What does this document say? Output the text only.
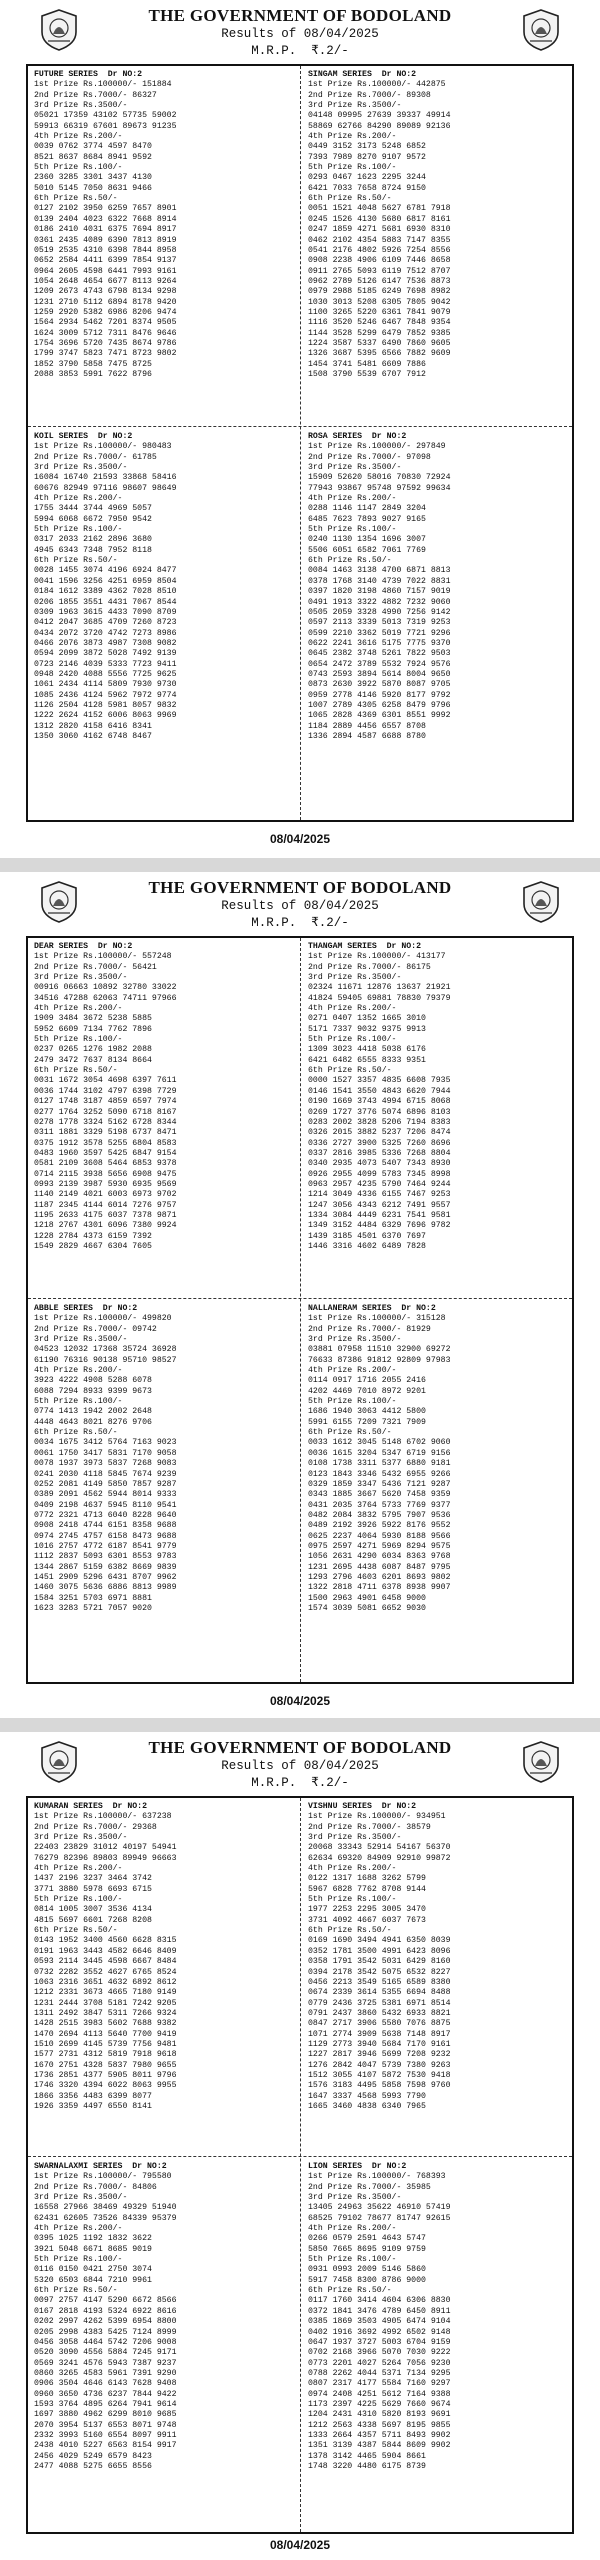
THE GOVERNMENT OF BODOLAND
Results of 08/04/2025
M.R.P.  ₹.2/-
FUTURE SERIES  Dr NO:2
1st Prize Rs.100000/- 151884
2nd Prize Rs.7000/- 86327
3rd Prize Rs.3500/-
05021 17359 43102 57735 59002
59913 66319 67601 89673 91235
4th Prize Rs.200/-
0039 0762 3774 4597 8470
8521 8637 8684 8941 9592
5th Prize Rs.100/-
2360 3285 3301 3437 4130
5010 5145 7050 8631 9466
6th Prize Rs.50/-
0127 2102 3950 6259 7657 8901
0139 2404 4023 6322 7668 8914
0186 2410 4031 6375 7694 8917
0361 2435 4089 6390 7813 8919
0519 2535 4310 6398 7844 8958
0652 2584 4411 6399 7854 9137
0964 2605 4598 6441 7993 9161
1054 2648 4654 6677 8113 9264
1209 2673 4743 6798 8134 9298
1231 2710 5112 6894 8178 9420
1259 2920 5382 6986 8206 9474
1564 2934 5462 7201 8374 9505
1624 3009 5712 7311 8476 9646
1754 3696 5720 7435 8674 9786
1799 3747 5823 7471 8723 9802
1852 3790 5858 7475 8725
2088 3853 5991 7622 8796
SINGAM SERIES  Dr NO:2
1st Prize Rs.100000/- 442875
2nd Prize Rs.7000/- 89308
3rd Prize Rs.3500/-
04148 09995 27639 39337 49914
58869 62766 84290 89089 92136
4th Prize Rs.200/-
0449 3152 3173 5248 6852
7393 7989 8270 9107 9572
5th Prize Rs.100/-
0293 0467 1623 2295 3244
6421 7033 7658 8724 9150
6th Prize Rs.50/-
0051 1521 4048 5627 6781 7918
0245 1526 4130 5680 6817 8161
0247 1859 4271 5681 6930 8310
0462 2102 4354 5883 7147 8355
0541 2176 4802 5926 7254 8556
0908 2238 4906 6109 7446 8658
0911 2765 5093 6119 7512 8707
0962 2789 5126 6147 7536 8873
0979 2988 5185 6249 7698 8982
1030 3013 5208 6305 7805 9042
1100 3265 5220 6361 7841 9079
1116 3520 5246 6467 7848 9354
1144 3528 5299 6479 7852 9385
1224 3587 5337 6490 7860 9605
1326 3687 5395 6566 7882 9609
1454 3741 5481 6609 7886
1508 3790 5539 6707 7912
KOIL SERIES  Dr NO:2
1st Prize Rs.100000/- 980483
2nd Prize Rs.7000/- 61785
3rd Prize Rs.3500/-
16084 16740 21593 33868 58416
60676 82949 97116 98607 98649
4th Prize Rs.200/-
1755 3444 3744 4969 5057
5994 6068 6672 7950 9542
5th Prize Rs.100/-
0317 2033 2162 2896 3680
4945 6343 7348 7952 8118
6th Prize Rs.50/-
0028 1455 3074 4196 6924 8477
0041 1596 3256 4251 6959 8504
0184 1612 3389 4362 7028 8510
0206 1855 3551 4431 7067 8544
0309 1963 3615 4433 7090 8709
0412 2047 3685 4709 7260 8723
0434 2072 3720 4742 7273 8986
0466 2076 3873 4987 7308 9082
0594 2099 3872 5028 7492 9139
0723 2146 4039 5333 7723 9411
0948 2420 4088 5556 7725 9625
1061 2434 4114 5809 7930 9730
1085 2436 4124 5962 7972 9774
1126 2504 4128 5981 8057 9832
1222 2624 4152 6006 8063 9969
1312 2820 4158 6416 8341
1350 3060 4162 6748 8467
ROSA SERIES  Dr NO:2
1st Prize Rs.100000/- 297849
2nd Prize Rs.7000/- 97098
3rd Prize Rs.3500/-
15909 52620 58016 70830 72924
77943 93867 95748 97592 99634
4th Prize Rs.200/-
0288 1146 1147 2849 3204
6485 7623 7893 9027 9165
5th Prize Rs.100/-
0240 1130 1354 1696 3007
5506 6051 6582 7061 7769
6th Prize Rs.50/-
0084 1463 3138 4700 6871 8813
0378 1768 3140 4739 7022 8831
0397 1820 3198 4860 7157 9019
0491 1913 3322 4882 7232 9060
0505 2059 3328 4990 7256 9142
0597 2113 3339 5013 7319 9253
0599 2210 3362 5019 7721 9296
0622 2241 3616 5175 7775 9370
0645 2382 3748 5261 7822 9503
0654 2472 3789 5532 7924 9576
0743 2593 3894 5614 8004 9650
0873 2630 3922 5870 8087 9705
0959 2778 4146 5920 8177 9792
1007 2789 4305 6258 8479 9796
1065 2828 4369 6301 8551 9992
1184 2889 4456 6557 8708
1336 2894 4587 6688 8780
08/04/2025
THE GOVERNMENT OF BODOLAND
Results of 08/04/2025
M.R.P.  ₹.2/-
DEAR SERIES  Dr NO:2
1st Prize Rs.100000/- 557248
2nd Prize Rs.7000/- 56421
3rd Prize Rs.3500/-
00916 06663 10892 32780 33022
34516 47288 62063 74711 97966
4th Prize Rs.200/-
1909 3484 3672 5238 5885
5952 6609 7134 7762 7896
5th Prize Rs.100/-
0237 0265 1276 1982 2088
2479 3472 7637 8134 8664
6th Prize Rs.50/-
0031 1672 3054 4698 6397 7611
0036 1744 3102 4797 6398 7729
0127 1748 3187 4859 6597 7974
0277 1764 3252 5090 6718 8167
0278 1778 3324 5162 6728 8344
0311 1881 3329 5198 6737 8471
0375 1912 3578 5255 6804 8583
0483 1960 3597 5425 6847 9154
0581 2109 3608 5464 6853 9378
0714 2115 3938 5656 6908 9475
0993 2139 3987 5930 6935 9569
1140 2149 4021 6003 6973 9702
1187 2345 4144 6014 7276 9757
1195 2633 4175 6037 7378 9871
1218 2767 4301 6096 7380 9924
1228 2784 4373 6159 7392
1549 2829 4667 6304 7605
THANGAM SERIES  Dr NO:2
1st Prize Rs.100000/- 413177
2nd Prize Rs.7000/- 86175
3rd Prize Rs.3500/-
02324 11671 12876 13637 21921
41824 59405 69881 78830 79379
4th Prize Rs.200/-
0271 0407 1352 1665 3010
5171 7337 9032 9375 9913
5th Prize Rs.100/-
1309 3023 4418 5038 6176
6421 6482 6555 8333 9351
6th Prize Rs.50/-
0000 1527 3357 4835 6608 7935
0146 1541 3550 4843 6620 7944
0190 1669 3743 4994 6715 8068
0269 1727 3776 5074 6896 8103
0283 2002 3828 5206 7194 8383
0326 2015 3882 5237 7206 8474
0336 2727 3900 5325 7260 8696
0337 2816 3985 5336 7268 8804
0340 2935 4073 5407 7343 8930
0926 2955 4099 5783 7345 8998
0963 2957 4235 5790 7464 9244
1214 3049 4336 6155 7467 9253
1247 3056 4343 6212 7491 9557
1334 3084 4449 6231 7541 9581
1349 3152 4484 6329 7696 9782
1439 3185 4501 6370 7697
1446 3316 4602 6489 7828
ABBLE SERIES  Dr NO:2
1st Prize Rs.100000/- 499820
2nd Prize Rs.7000/- 09742
3rd Prize Rs.3500/-
04523 12032 17368 35724 36928
61190 76316 90138 95710 98527
4th Prize Rs.200/-
3923 4222 4908 5288 6078
6088 7294 8933 9399 9673
5th Prize Rs.100/-
0774 1413 1942 2002 2648
4448 4643 8021 8276 9706
6th Prize Rs.50/-
0034 1675 3412 5764 7163 9023
0061 1750 3417 5831 7170 9058
0078 1937 3973 5837 7268 9083
0241 2030 4118 5845 7674 9239
0252 2081 4149 5850 7857 9287
0389 2091 4562 5944 8014 9333
0409 2198 4637 5945 8110 9541
0772 2321 4713 6040 8228 9640
0908 2418 4744 6151 8358 9688
0974 2745 4757 6158 8473 9688
1016 2757 4772 6187 8541 9779
1112 2837 5093 6301 8553 9783
1344 2867 5159 6382 8669 9839
1451 2909 5296 6431 8707 9962
1460 3075 5636 6886 8813 9989
1584 3251 5703 6971 8881
1623 3283 5721 7057 9020
NALLANERAM SERIES  Dr NO:2
1st Prize Rs.100000/- 315128
2nd Prize Rs.7000/- 81929
3rd Prize Rs.3500/-
03881 07958 11510 32900 69272
76633 87386 91812 92809 97983
4th Prize Rs.200/-
0114 0917 1716 2055 2416
4202 4469 7010 8972 9201
5th Prize Rs.100/-
1686 1940 3063 4412 5800
5991 6155 7209 7321 7909
6th Prize Rs.50/-
0033 1612 3045 5148 6702 9060
0036 1615 3204 5347 6719 9156
0108 1738 3311 5377 6880 9181
0123 1843 3346 5432 6955 9266
0329 1859 3347 5436 7121 9287
0343 1885 3667 5620 7458 9359
0431 2035 3764 5733 7769 9377
0482 2084 3832 5795 7907 9536
0489 2192 3926 5922 8176 9552
0625 2237 4064 5930 8188 9566
0975 2597 4271 5969 8294 9575
1056 2631 4290 6034 8363 9768
1231 2695 4438 6087 8487 9795
1293 2796 4603 6201 8693 9802
1322 2818 4711 6378 8938 9907
1500 2963 4901 6458 9000
1574 3039 5081 6652 9030
08/04/2025
THE GOVERNMENT OF BODOLAND
Results of 08/04/2025
M.R.P.  ₹.2/-
KUMARAN SERIES  Dr NO:2
1st Prize Rs.100000/- 637238
2nd Prize Rs.7000/- 29368
3rd Prize Rs.3500/-
22403 23829 31012 40197 54941
76279 82396 89803 89949 96663
4th Prize Rs.200/-
1437 2196 3237 3464 3742
3771 3880 5978 6693 6715
5th Prize Rs.100/-
0814 1005 3007 3536 4134
4815 5697 6601 7268 8208
6th Prize Rs.50/-
0143 1952 3400 4560 6628 8315
0191 1963 3443 4582 6646 8409
0593 2114 3445 4598 6667 8484
0732 2282 3552 4627 6765 8524
1063 2316 3651 4632 6892 8612
1212 2331 3673 4665 7180 9149
1231 2444 3708 5181 7242 9205
1311 2492 3847 5311 7266 9324
1428 2515 3983 5602 7688 9382
1470 2694 4113 5640 7700 9419
1510 2699 4145 5739 7756 9481
1577 2731 4312 5819 7918 9618
1670 2751 4328 5837 7980 9655
1736 2851 4377 5905 8011 9796
1746 3320 4394 6022 8063 9955
1866 3356 4483 6399 8077
1926 3359 4497 6550 8141
VISHNU SERIES  Dr NO:2
1st Prize Rs.100000/- 934951
2nd Prize Rs.7000/- 38579
3rd Prize Rs.3500/-
20068 33343 52914 54167 56370
62634 69320 84909 92910 99872
4th Prize Rs.200/-
0122 1317 1688 3262 5799
5967 6828 7762 8708 9144
5th Prize Rs.100/-
1977 2253 2295 3005 3470
3731 4092 4667 6037 7673
6th Prize Rs.50/-
0169 1690 3494 4941 6350 8039
0352 1781 3500 4991 6423 8096
0358 1791 3542 5031 6429 8160
0394 2178 3542 5075 6532 8227
0456 2213 3549 5165 6589 8380
0674 2339 3614 5355 6694 8488
0779 2436 3725 5381 6971 8514
0791 2437 3860 5432 6933 8821
0847 2717 3906 5580 7076 8875
1071 2774 3909 5638 7148 8917
1129 2773 3940 5684 7170 9161
1227 2817 3946 5699 7208 9232
1276 2842 4047 5739 7380 9263
1512 3055 4107 5872 7530 9418
1576 3183 4495 5858 7598 9760
1647 3337 4568 5993 7790
1665 3460 4838 6340 7965
SWARNALAXMI SERIES  Dr NO:2
1st Prize Rs.100000/- 795580
2nd Prize Rs.7000/- 84806
3rd Prize Rs.3500/-
16558 27966 38469 49329 51940
62431 62605 73526 84339 95379
4th Prize Rs.200/-
0395 1025 1192 1832 3622
3921 5048 6671 8685 9019
5th Prize Rs.100/-
0116 0150 0421 2750 3074
5320 6503 6844 7210 9961
6th Prize Rs.50/-
0097 2757 4147 5290 6672 8566
0167 2818 4193 5324 6922 8616
0202 2997 4262 5399 6954 8800
0205 2998 4383 5425 7124 8999
0456 3058 4464 5742 7206 9008
0520 3090 4556 5884 7245 9171
0569 3241 4576 5943 7387 9237
0860 3265 4583 5961 7391 9290
0906 3504 4646 6143 7628 9408
0960 3650 4736 6237 7844 9422
1593 3764 4895 6264 7941 9614
1697 3880 4962 6299 8010 9685
2070 3954 5137 6553 8071 9748
2332 3993 5160 6554 8097 9911
2438 4010 5227 6563 8154 9917
2456 4029 5249 6579 8423
2477 4088 5275 6655 8556
LION SERIES  Dr NO:2
1st Prize Rs.100000/- 768393
2nd Prize Rs.7000/- 35985
3rd Prize Rs.3500/-
13405 24963 35622 46910 57419
68525 79102 78677 81747 92615
4th Prize Rs.200/-
0266 0579 2591 4643 5747
5850 7665 8695 9109 9759
5th Prize Rs.100/-
0931 0993 2009 5146 5860
5917 7458 8300 8786 9000
6th Prize Rs.50/-
0117 1760 3414 4604 6306 8830
0372 1841 3476 4789 6450 8911
0385 1869 3503 4905 6474 9104
0402 1916 3692 4992 6502 9148
0647 1937 3727 5003 6704 9159
0702 2168 3966 5070 7030 9222
0773 2201 4027 5264 7056 9230
0788 2262 4044 5371 7134 9295
0807 2317 4177 5584 7160 9297
0974 2408 4251 5612 7164 9388
1173 2397 4225 5629 7660 9674
1204 2431 4310 5820 8193 9691
1212 2563 4338 5697 8195 9855
1333 2664 4357 5711 8493 9902
1351 3139 4387 5844 8609 9902
1378 3142 4465 5904 8661
1748 3220 4480 6175 8739
08/04/2025
